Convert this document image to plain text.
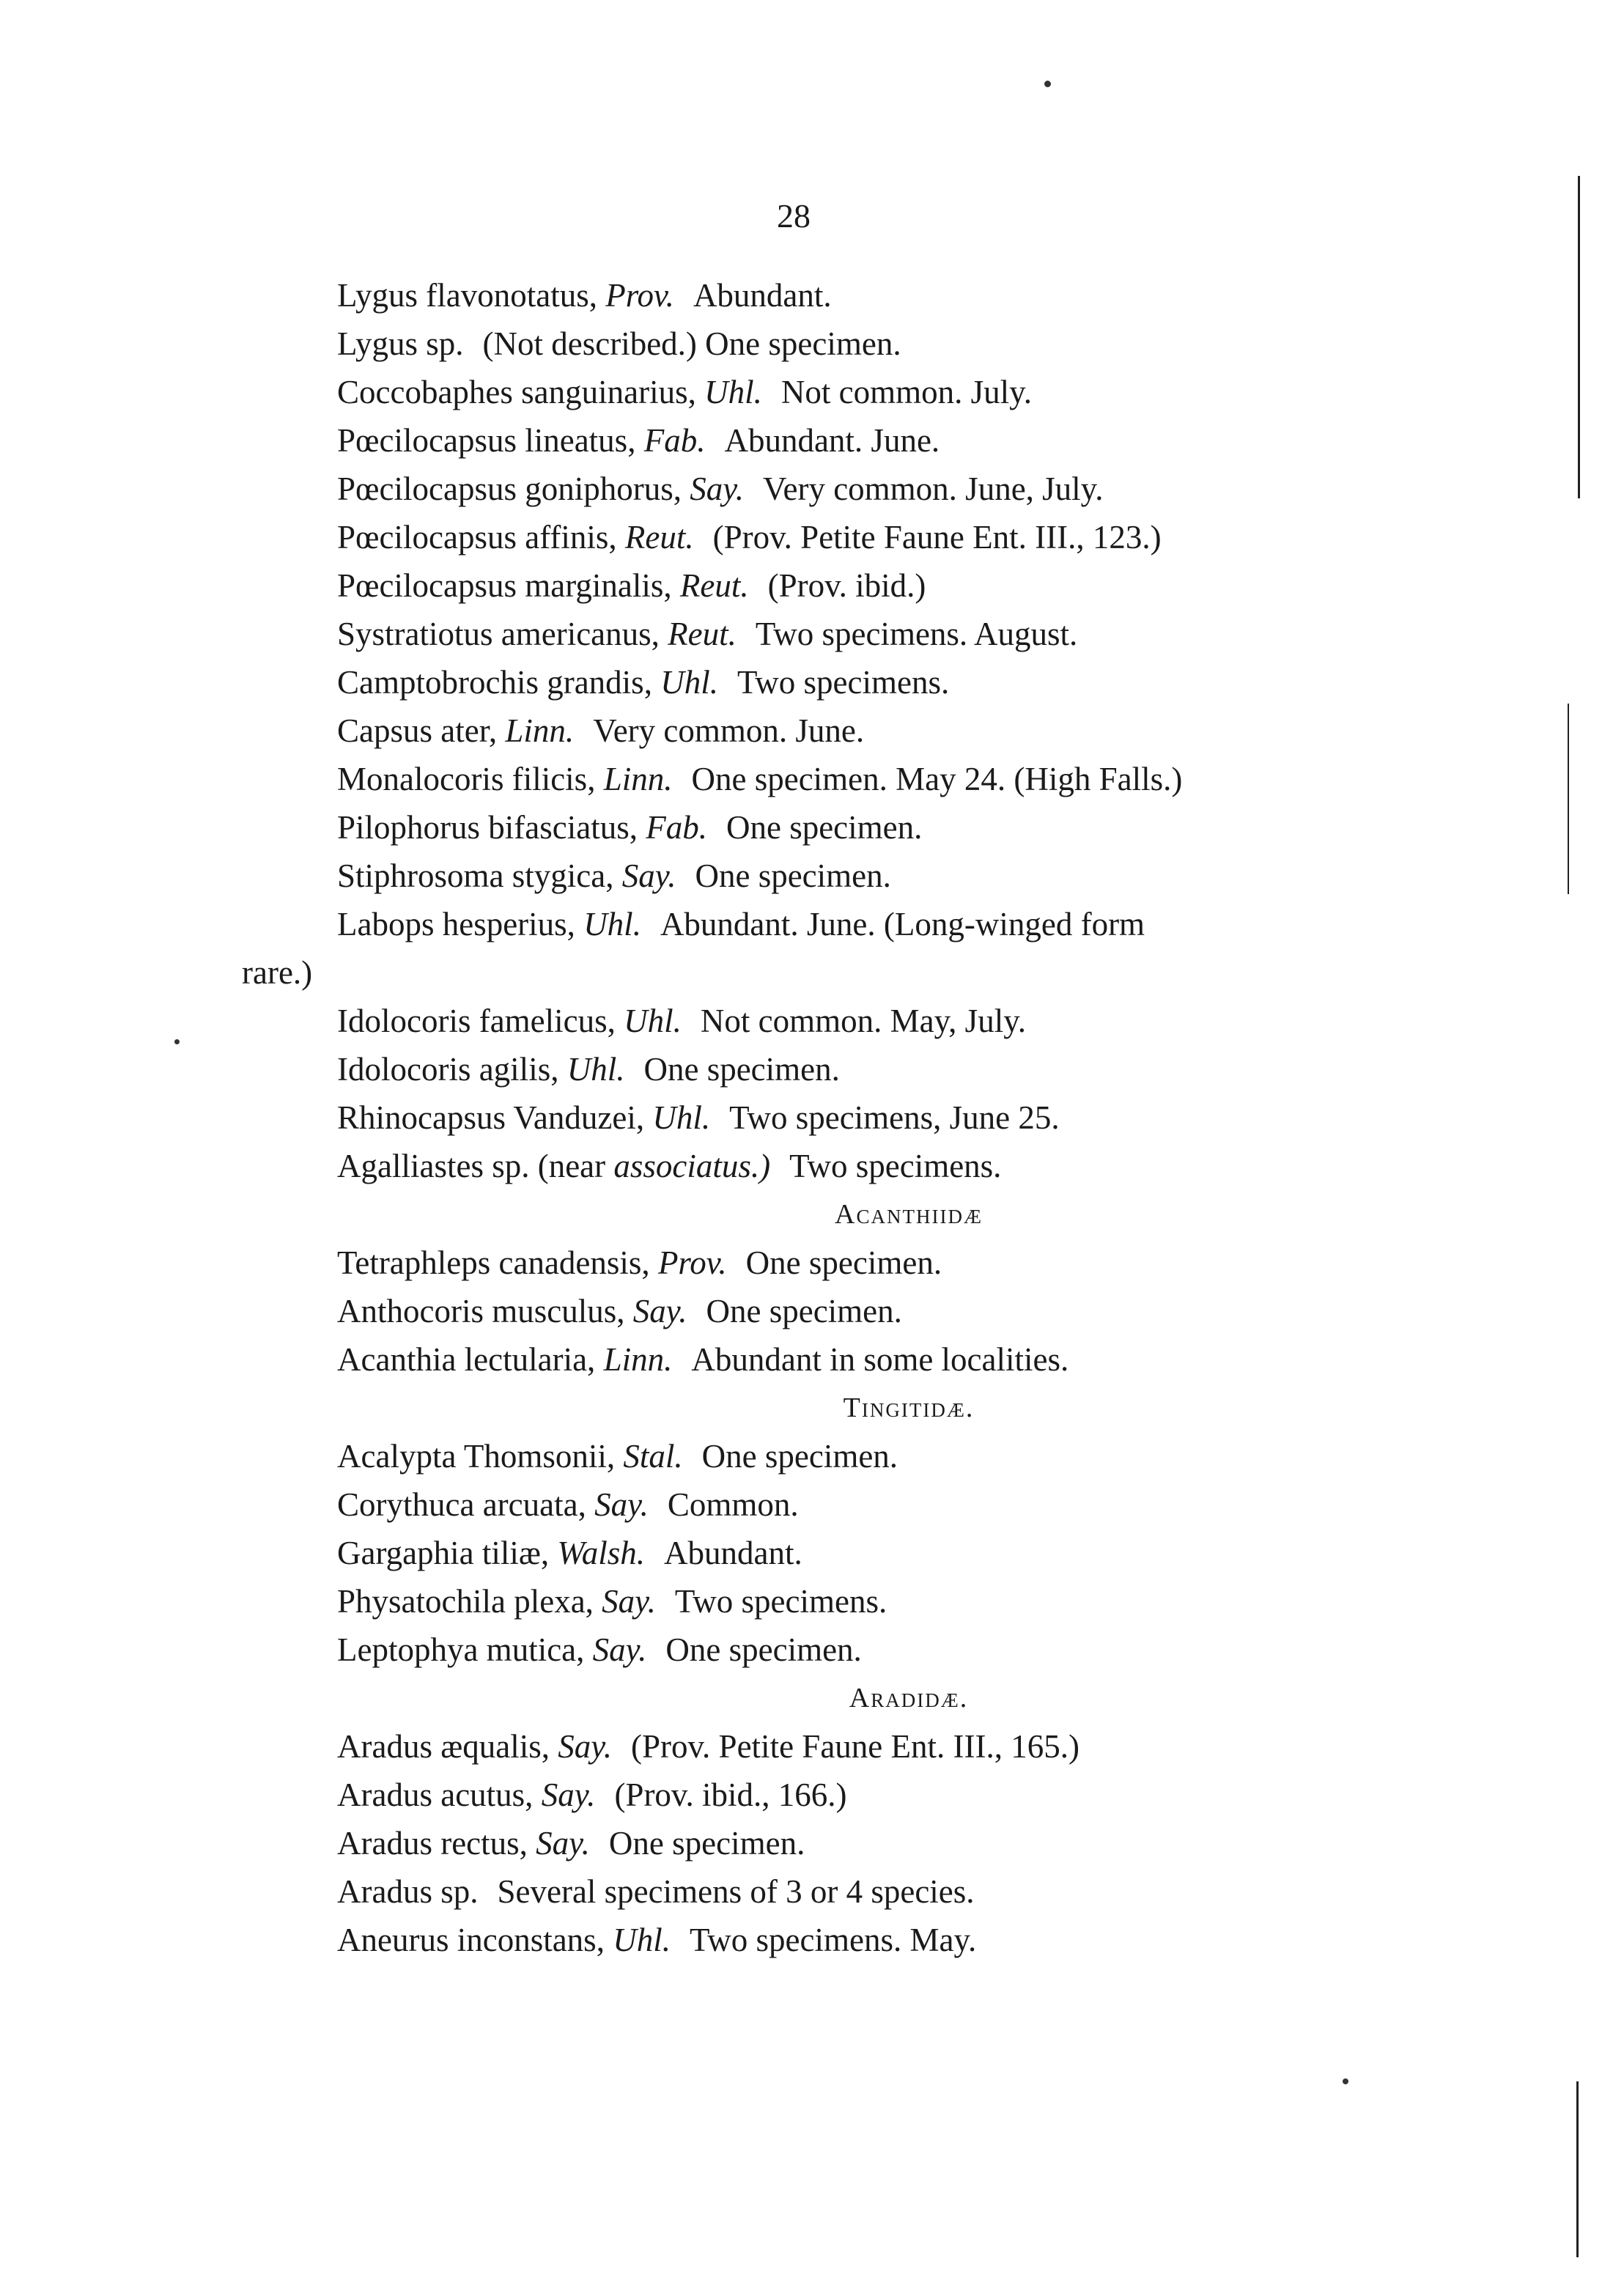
28
Lygus flavonotatus, Prov. Abundant.
Lygus sp. (Not described.) One specimen.
Coccobaphes sanguinarius, Uhl. Not common. July.
Pœcilocapsus lineatus, Fab. Abundant. June.
Pœcilocapsus goniphorus, Say. Very common. June, July.
Pœcilocapsus affinis, Reut. (Prov. Petite Faune Ent. III., 123.)
Pœcilocapsus marginalis, Reut. (Prov. ibid.)
Systratiotus americanus, Reut. Two specimens. August.
Camptobrochis grandis, Uhl. Two specimens.
Capsus ater, Linn. Very common. June.
Monalocoris filicis, Linn. One specimen. May 24. (High Falls.)
Pilophorus bifasciatus, Fab. One specimen.
Stiphrosoma stygica, Say. One specimen.
Labops hesperius, Uhl. Abundant. June. (Long-winged form
rare.)
Idolocoris famelicus, Uhl. Not common. May, July.
Idolocoris agilis, Uhl. One specimen.
Rhinocapsus Vanduzei, Uhl. Two specimens, June 25.
Agalliastes sp. (near associatus.) Two specimens.
Acanthiidæ
Tetraphleps canadensis, Prov. One specimen.
Anthocoris musculus, Say. One specimen.
Acanthia lectularia, Linn. Abundant in some localities.
Tingitidæ.
Acalypta Thomsonii, Stal. One specimen.
Corythuca arcuata, Say. Common.
Gargaphia tiliæ, Walsh. Abundant.
Physatochila plexa, Say. Two specimens.
Leptophya mutica, Say. One specimen.
Aradidæ.
Aradus æqualis, Say. (Prov. Petite Faune Ent. III., 165.)
Aradus acutus, Say. (Prov. ibid., 166.)
Aradus rectus, Say. One specimen.
Aradus sp. Several specimens of 3 or 4 species.
Aneurus inconstans, Uhl. Two specimens. May.
